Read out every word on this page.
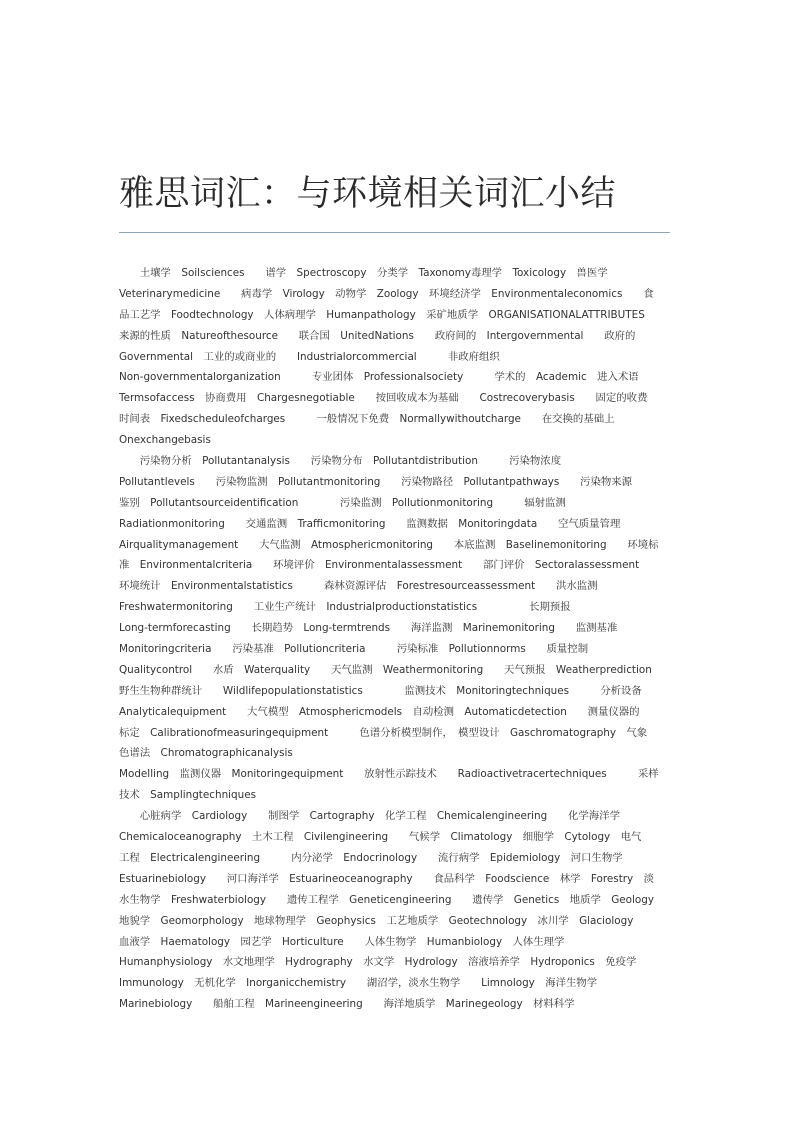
雅思词汇：与环境相关词汇小结
　　土壤学　Soilsciences　　谱学　Spectroscopy　分类学　Taxonomy毒理学　Toxicology　兽医学
Veterinarymedicine　　病毒学　Virology　动物学　Zoology　环境经济学　Environmentaleconomics　　食
品工艺学　Foodtechnology　人体病理学　Humanpathology　采矿地质学　ORGANISATIONALATTRIBUTES
来源的性质　Natureofthesource　　联合国　UnitedNations　　政府间的　Intergovernmental　　政府的
Governmental　工业的或商业的　　Industrialorcommercial　　　非政府组织
Non-governmentalorganization　　　专业团体　Professionalsociety　　　学术的　Academic　进入术语
Termsofaccess　协商费用　Chargesnegotiable　　按回收成本为基础　　Costrecoverybasis　　固定的收费
时间表　Fixedscheduleofcharges　　　一般情况下免费　Normallywithoutcharge　　在交换的基础上
Onexchangebasis
　　污染物分析　Pollutantanalysis　　污染物分布　Pollutantdistribution　　　污染物浓度
Pollutantlevels　　污染物监测　Pollutantmonitoring　　污染物路径　Pollutantpathways　　污染物来源
鉴别　Pollutantsourceidentification　　　　污染监测　Pollutionmonitoring　　　辐射监测
Radiationmonitoring　　交通监测　Trafficmonitoring　　监测数据　Monitoringdata　　空气质量管理
Airqualitymanagement　　大气监测　Atmosphericmonitoring　　本底监测　Baselinemonitoring　　环境标
准　Environmentalcriteria　　环境评价　Environmentalassessment　　部门评价　Sectoralassessment
环境统计　Environmentalstatistics　　　森林资源评估　Forestresourceassessment　　洪水监测
Freshwatermonitoring　　工业生产统计　Industrialproductionstatistics　　　　　长期预报
Long-termforecasting　　长期趋势　Long-termtrends　　海洋监测　Marinemonitoring　　监测基准
Monitoringcriteria　　污染基准　Pollutioncriteria　　　污染标准　Pollutionnorms　　质量控制
Qualitycontrol　　水盾　Waterquality　　天气监测　Weathermonitoring　　天气预报　Weatherprediction
野生生物种群统计　　Wildlifepopulationstatistics　　　　监测技术　Monitoringtechniques　　　分析设备
Analyticalequipment　　大气模型　Atmosphericmodels　自动检测　Automaticdetection　　测量仪器的
标定　Calibrationofmeasuringequipment　　　色谱分析模型制作，　模型设计　Gaschromatography　气象
色谱法　Chromatographicanalysis
Modelling　监测仪器　Monitoringequipment　　放射性示踪技术　　Radioactivetracertechniques　　　采样
技术　Samplingtechniques
　　心脏病学　Cardiology　　制图学　Cartography　化学工程　Chemicalengineering　　化学海洋学
Chemicaloceanography　土木工程　Civilengineering　　气候学　Climatology　细胞学　Cytology　电气
工程　Electricalengineering　　　内分泌学　Endocrinology　　流行病学　Epidemiology　河口生物学
Estuarinebiology　　河口海洋学　Estuarineoceanography　　食品科学　Foodscience　林学　Forestry　淡
水生物学　Freshwaterbiology　　遗传工程学　Geneticengineering　　遗传学　Genetics　地质学　Geology
地貌学　Geomorphology　地球物理学　Geophysics　工艺地质学　Geotechnology　冰川学　Glaciology
血液学　Haematology　园艺学　Horticulture　　人体生物学　Humanbiology　人体生理学
Humanphysiology　水文地理学　Hydrography　水文学　Hydrology　溶液培养学　Hydroponics　免疫学
Immunology　无机化学　Inorganicchemistry　　湖沼学，淡水生物学　　Limnology　海洋生物学
Marinebiology　　船舶工程　Marineengineering　　海洋地质学　Marinegeology　材料科学
